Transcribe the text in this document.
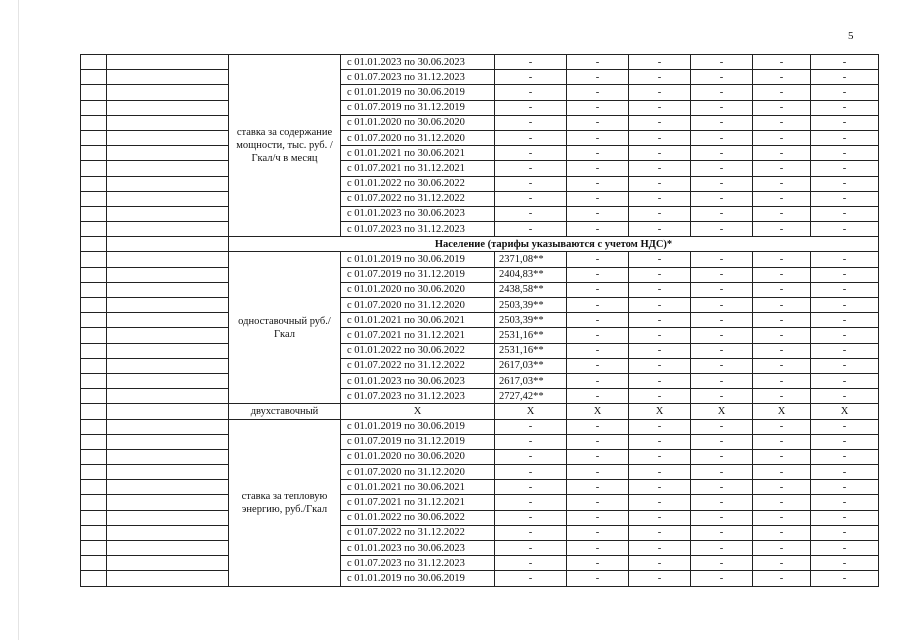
5
		ставка за содержание мощности, тыс. руб. /Гкал/ч в месяц	с 01.01.2023 по 30.06.2023	-	-	-	-	-	-
			с 01.07.2023 по 31.12.2023	-	-	-	-	-	-
			с 01.01.2019 по 30.06.2019	-	-	-	-	-	-
			с 01.07.2019 по 31.12.2019	-	-	-	-	-	-
			с 01.01.2020 по 30.06.2020	-	-	-	-	-	-
			с 01.07.2020 по 31.12.2020	-	-	-	-	-	-
			с 01.01.2021 по 30.06.2021	-	-	-	-	-	-
			с 01.07.2021 по 31.12.2021	-	-	-	-	-	-
			с 01.01.2022 по 30.06.2022	-	-	-	-	-	-
			с 01.07.2022 по 31.12.2022	-	-	-	-	-	-
			с 01.01.2023 по 30.06.2023	-	-	-	-	-	-
			с 01.07.2023 по 31.12.2023	-	-	-	-	-	-
		Население (тарифы указываются с учетом НДС)*							
		одноставочный руб./Гкал	с 01.01.2019 по 30.06.2019	2371,08**	-	-	-	-	-
			с 01.07.2019 по 31.12.2019	2404,83**	-	-	-	-	-
			с 01.01.2020 по 30.06.2020	2438,58**	-	-	-	-	-
			с 01.07.2020 по 31.12.2020	2503,39**	-	-	-	-	-
			с 01.01.2021 по 30.06.2021	2503,39**	-	-	-	-	-
			с 01.07.2021 по 31.12.2021	2531,16**	-	-	-	-	-
			с 01.01.2022 по 30.06.2022	2531,16**	-	-	-	-	-
			с 01.07.2022 по 31.12.2022	2617,03**	-	-	-	-	-
			с 01.01.2023 по 30.06.2023	2617,03**	-	-	-	-	-
			с 01.07.2023 по 31.12.2023	2727,42**	-	-	-	-	-
		двухставочный	Х	Х	Х	Х	Х	Х	Х
		ставка за тепловую энергию, руб./Гкал	с 01.01.2019 по 30.06.2019	-	-	-	-	-	-
			с 01.07.2019 по 31.12.2019	-	-	-	-	-	-
			с 01.01.2020 по 30.06.2020	-	-	-	-	-	-
			с 01.07.2020 по 31.12.2020	-	-	-	-	-	-
			с 01.01.2021 по 30.06.2021	-	-	-	-	-	-
			с 01.07.2021 по 31.12.2021	-	-	-	-	-	-
			с 01.01.2022 по 30.06.2022	-	-	-	-	-	-
			с 01.07.2022 по 31.12.2022	-	-	-	-	-	-
			с 01.01.2023 по 30.06.2023	-	-	-	-	-	-
			с 01.07.2023 по 31.12.2023	-	-	-	-	-	-
			с 01.01.2019 по 30.06.2019	-	-	-	-	-	-
